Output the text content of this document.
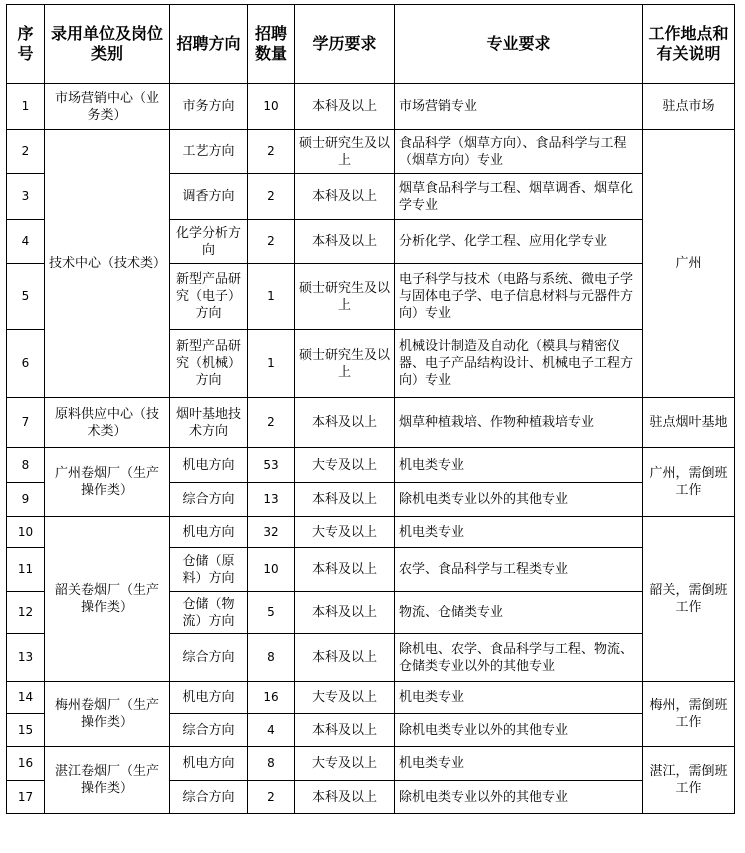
序号	录用单位及岗位类别	招聘方向	招聘数量	学历要求	专业要求	工作地点和有关说明
1	市场营销中心（业务类）	市务方向	10	本科及以上	市场营销专业	驻点市场
2	技术中心（技术类）	工艺方向	2	硕士研究生及以上	食品科学（烟草方向）、食品科学与工程（烟草方向）专业	广州
3		调香方向	2	本科及以上	烟草食品科学与工程、烟草调香、烟草化学专业	
4		化学分析方向	2	本科及以上	分析化学、化学工程、应用化学专业	
5		新型产品研究（电子）方向	1	硕士研究生及以上	电子科学与技术（电路与系统、微电子学与固体电子学、电子信息材料与元器件方向）专业	
6		新型产品研究（机械）方向	1	硕士研究生及以上	机械设计制造及自动化（模具与精密仪器、电子产品结构设计、机械电子工程方向）专业	
7	原料供应中心（技术类）	烟叶基地技术方向	2	本科及以上	烟草种植栽培、作物种植栽培专业	驻点烟叶基地
8	广州卷烟厂（生产操作类）	机电方向	53	大专及以上	机电类专业	广州，需倒班工作
9		综合方向	13	本科及以上	除机电类专业以外的其他专业	
10	韶关卷烟厂（生产操作类）	机电方向	32	大专及以上	机电类专业	韶关，需倒班工作
11		仓储（原料）方向	10	本科及以上	农学、食品科学与工程类专业	
12		仓储（物流）方向	5	本科及以上	物流、仓储类专业	
13		综合方向	8	本科及以上	除机电、农学、食品科学与工程、物流、仓储类专业以外的其他专业	
14	梅州卷烟厂（生产操作类）	机电方向	16	大专及以上	机电类专业	梅州，需倒班工作
15		综合方向	4	本科及以上	除机电类专业以外的其他专业	
16	湛江卷烟厂（生产操作类）	机电方向	8	大专及以上	机电类专业	湛江，需倒班工作
17		综合方向	2	本科及以上	除机电类专业以外的其他专业	
